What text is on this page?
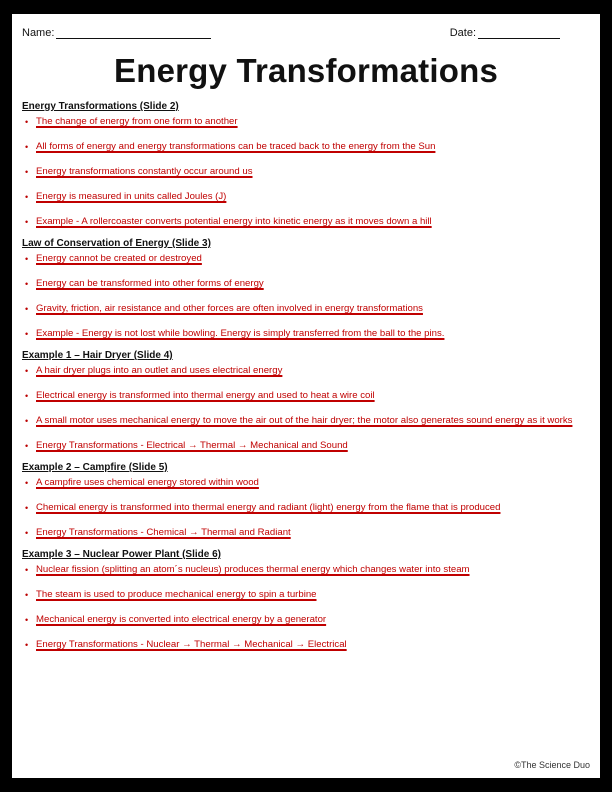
Name:	Date:
Energy Transformations
Energy Transformations (Slide 2)
• The change of energy from one form to another
• All forms of energy and energy transformations can be traced back to the energy from the Sun
• Energy transformations constantly occur around us
• Energy is measured in units called Joules (J)
• Example - A rollercoaster converts potential energy into kinetic energy as it moves down a hill
Law of Conservation of Energy (Slide 3)
• Energy cannot be created or destroyed
• Energy can be transformed into other forms of energy
• Gravity, friction, air resistance and other forces are often involved in energy transformations
• Example - Energy is not lost while bowling. Energy is simply transferred from the ball to the pins.
Example 1 – Hair Dryer (Slide 4)
• A hair dryer plugs into an outlet and uses electrical energy
• Electrical energy is transformed into thermal energy and used to heat a wire coil
• A small motor uses mechanical energy to move the air out of the hair dryer; the motor also generates sound energy as it works
• Energy Transformations - Electrical → Thermal → Mechanical and Sound
Example 2 – Campfire (Slide 5)
• A campfire uses chemical energy stored within wood
• Chemical energy is transformed into thermal energy and radiant (light) energy from the flame that is produced
• Energy Transformations - Chemical → Thermal and Radiant
Example 3 – Nuclear Power Plant (Slide 6)
• Nuclear fission (splitting an atom´s nucleus) produces thermal energy which changes water into steam
• The steam is used to produce mechanical energy to spin a turbine
• Mechanical energy is converted into electrical energy by a generator
• Energy Transformations - Nuclear → Thermal → Mechanical → Electrical
©The Science Duo
